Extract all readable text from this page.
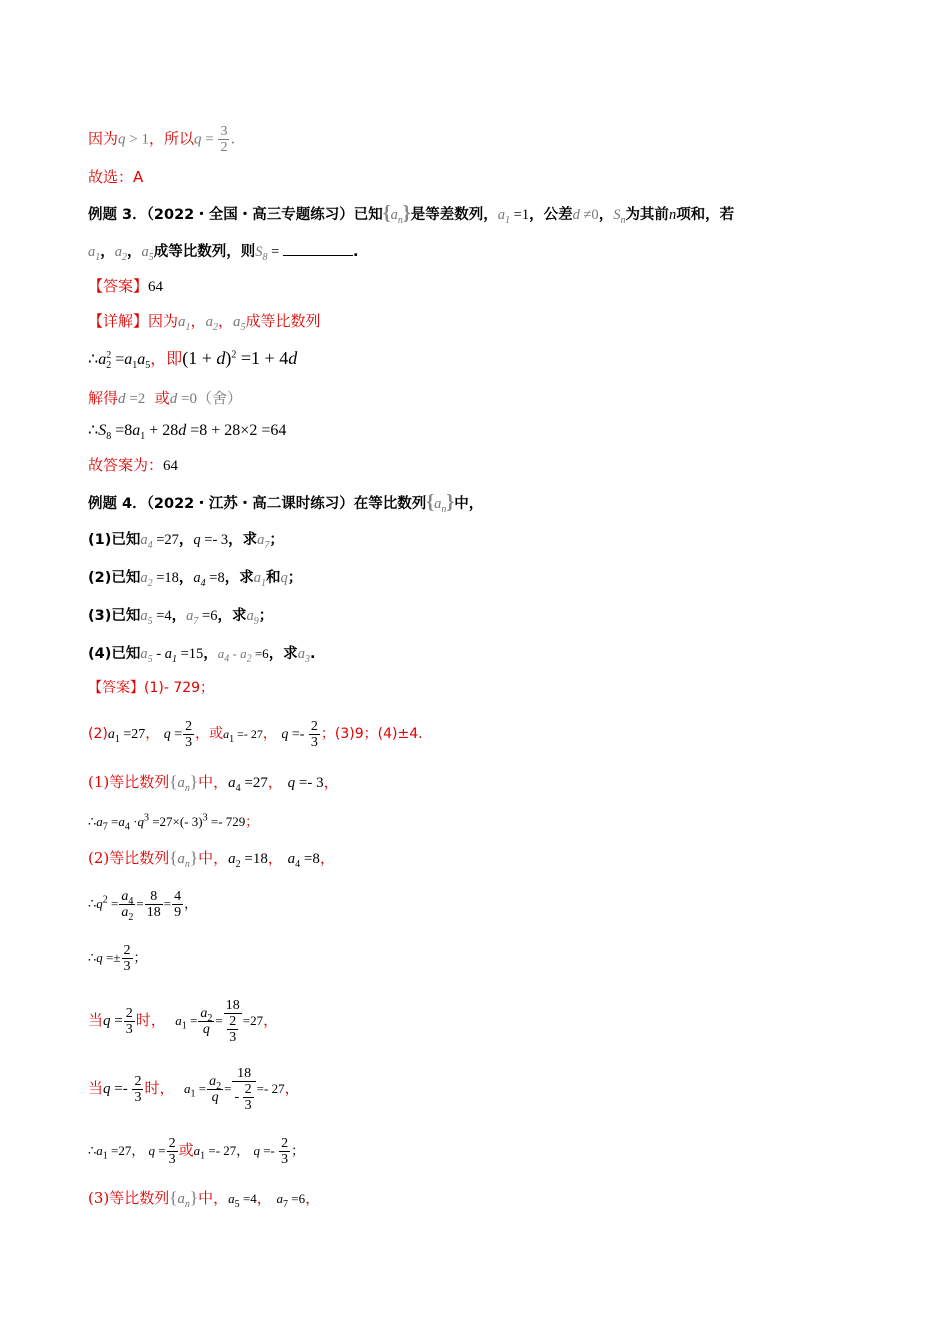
因为q > 1，所以$q = \frac{3}{2}$ .
故选：A
例题 3．（2022・全国・高三专题练习）已知$\{a_n\}$是等差数列，$a_1 =1$，公差d ≠0，$S_n$为其前n项和，若
$a_1$，$a_2$，$a_5$成等比数列，则$S_8$ =	.
【答案】64
【详解】因为$a_1$，$a_2$，$a_5$成等比数列
$\therefore a_2^2 =a_1a_5$，即$(1 + d)^2 =1 + 4d$
解得d =2 或d =0（舍）
$\therefore S_8 =8a_1 + 28d =8 + 28\times 2 =64$
故答案为：64
例题 4．（2022・江苏・高二课时练习）在等比数列$\{a_n\}$中，
(1)已知$a_4 =27$，q =- 3，求$a_7$；
(2)已知$a_2 =18$，$a_4 =8$，求$a_1$和q；
(3)已知$a_5 =4$，$a_7 =6$，求$a_9$；
(4)已知$a_5 - a_1 =15$，$a_4 - a_2 =6$，求$a_3$.
【答案】(1)- 729；
$(2)a_1 =27$， $q = \frac{2}{3}$ ，或$a_1 =- 27$， $q =- \frac{2}{3}$ ；(3)9；(4)±4.
(1)等比数列$\{a_n\}$中，$a_4 =27$， q =- 3，
$\therefore a_7 =a_4 \cdot q^3 =27\times(-$ 3)$^3$ =- 729；
(2)等比数列$\{a_n\}$中，$a_2 =18$， $a_4 =8$，
$\therefore q^2 = \frac{a_4}{a_2} = \frac{8}{18} = \frac{4}{9}$ ，
∴q =± $\frac{2}{3}$ ；
当$q = \frac{2}{3}$ 时， $a_1 = \frac{a_2}{q} = \frac{18}{\frac{2}{3}} =27$，
当$q =- \frac{2}{3}$ 时， $a_1 = \frac{a_2}{q} = \frac{18}{- \frac{2}{3}} =- 27$，
$\therefore a_1 =27$， $q = \frac{2}{3}$ 或$a_1 =- 27$， $q =- \frac{2}{3}$ ；
(3)等比数列$\{a_n\}$中，$a_5 =4$， $a_7 =6$，
